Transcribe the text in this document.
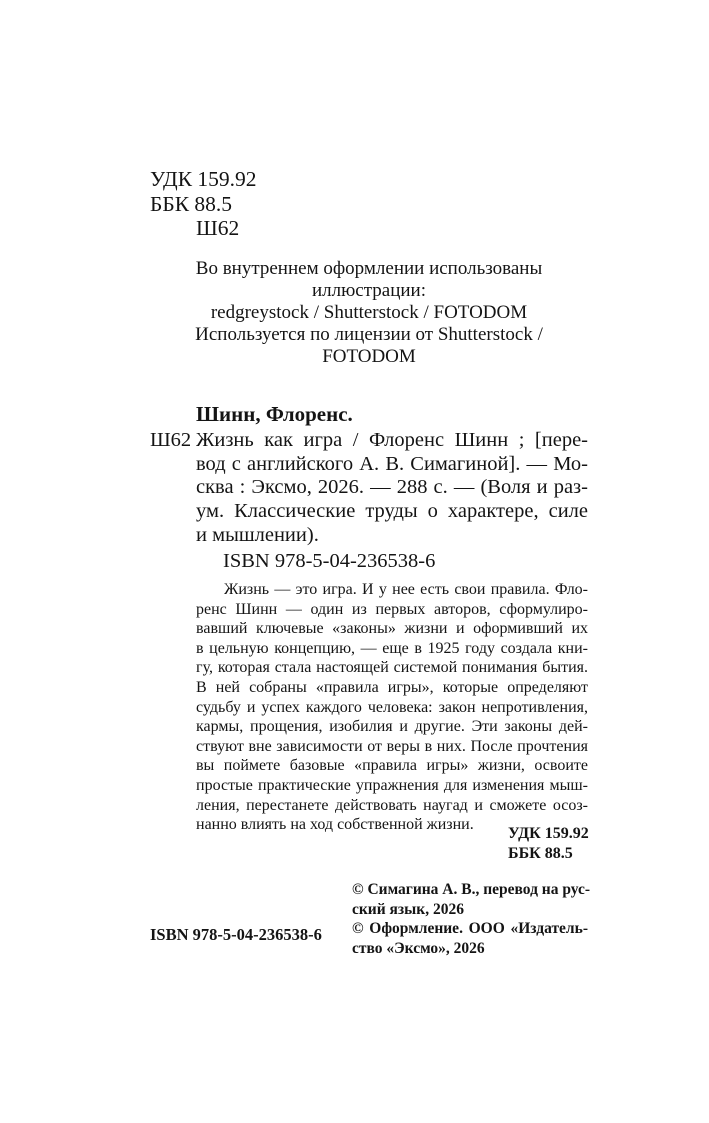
УДК 159.92
ББК 88.5
Ш62
Во внутреннем оформлении использованы
иллюстрации:
redgreystock / Shutterstock / FOTODOM
Используется по лицензии от Shutterstock /
FOTODOM
Шинн, Флоренс.
Ш62 Жизнь как игра / Флоренс Шинн ; [пере-
вод с английского А. В. Симагиной]. — Мо-
сква : Эксмо, 2026. — 288 с. — (Воля и раз-
ум. Классические труды о характере, силе
и мышлении).
ISBN 978-5-04-236538-6
Жизнь — это игра. И у нее есть свои правила. Фло-
ренс Шинн — один из первых авторов, сформулиро-
вавший ключевые «законы» жизни и оформивший их
в цельную концепцию, — еще в 1925 году создала кни-
гу, которая стала настоящей системой понимания бытия.
В ней собраны «правила игры», которые определяют
судьбу и успех каждого человека: закон непротивления,
кармы, прощения, изобилия и другие. Эти законы дей-
ствуют вне зависимости от веры в них. После прочтения
вы поймете базовые «правила игры» жизни, освоите
простые практические упражнения для изменения мыш-
ления, перестанете действовать наугад и сможете осоз-
нанно влиять на ход собственной жизни.
УДК 159.92
ББК 88.5
© Симагина А. В., перевод на рус-
ский язык, 2026
© Оформление. ООО «Издатель-
ство «Эксмо», 2026
ISBN 978-5-04-236538-6
